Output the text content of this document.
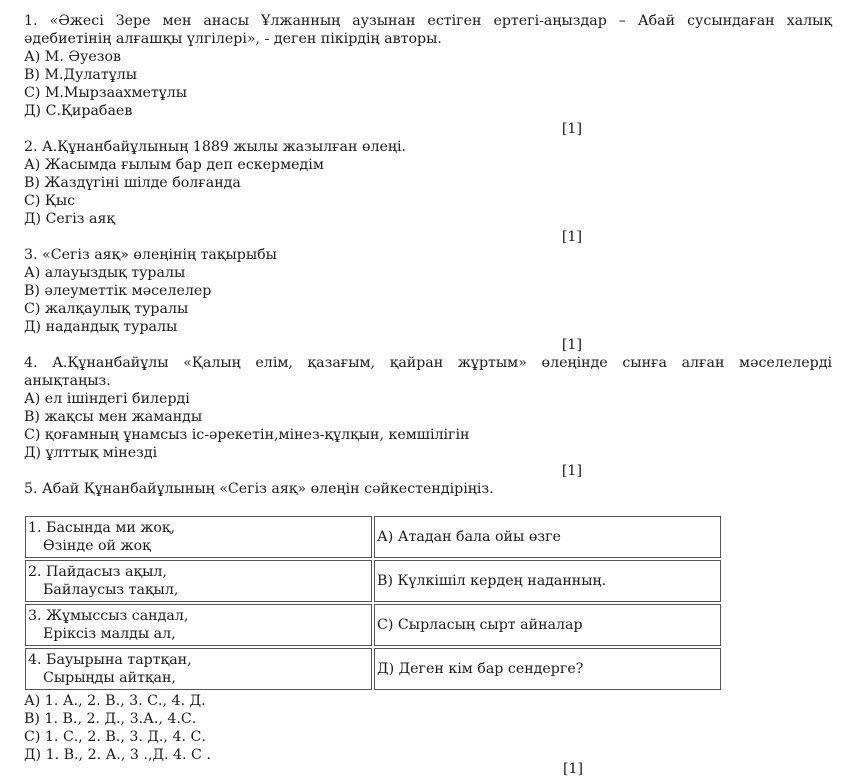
1. «Әжесі Зере мен анасы Ұлжанның аузынан естіген ертегі-аңыздар – Абай сусындаған халық
әдебиетінің алғашқы үлгілері», - деген пікірдің авторы.
А) М. Әуезов
В) М.Дулатұлы
С) М.Мырзаахметұлы
Д) С.Қирабаев
[1]
2. А.Құнанбайұлының 1889 жылы жазылған өлеңі.
А) Жасымда ғылым бар деп ескермедім
В) Жаздүгіні шілде болғанда
С) Қыс
Д) Сегіз аяқ
[1]
3. «Сегіз аяқ» өлеңінің тақырыбы
А) алауыздық туралы
В) әлеуметтік мәселелер
С) жалқаулық туралы
Д) надандық туралы
[1]
4. А.Құнанбайұлы «Қалың елім, қазағым, қайран жұртым» өлеңінде сынға алған мәселелерді
анықтаңыз.
А) ел ішіндегі билерді
В) жақсы мен жаманды
С) қоғамның ұнамсыз іс-әрекетін,мінез-құлқын, кемшілігін
Д) ұлттық мінезді
[1]
5. Абай Құнанбайұлының «Сегіз аяқ» өлеңін сәйкестендіріңіз.
1. Басында ми жоқ,
Өзінде ой жоқ	А) Атадан бала ойы өзге

2. Пайдасыз ақыл,
Байлаусыз тақыл,	В) Күлкішіл кердең наданның.

3. Жұмыссыз сандал,
Еріксіз малды ал,	С) Сырласың сырт айналар

4. Бауырына тартқан,
Сырыңды айтқан,	Д) Деген кім бар сендерге?
А) 1. А., 2. В., 3. С., 4. Д.
В) 1. В., 2. Д., 3.А., 4.С.
С) 1. С., 2. В., 3. Д., 4. С.
Д) 1. В., 2. А., 3 .,Д. 4. С .
[1]
